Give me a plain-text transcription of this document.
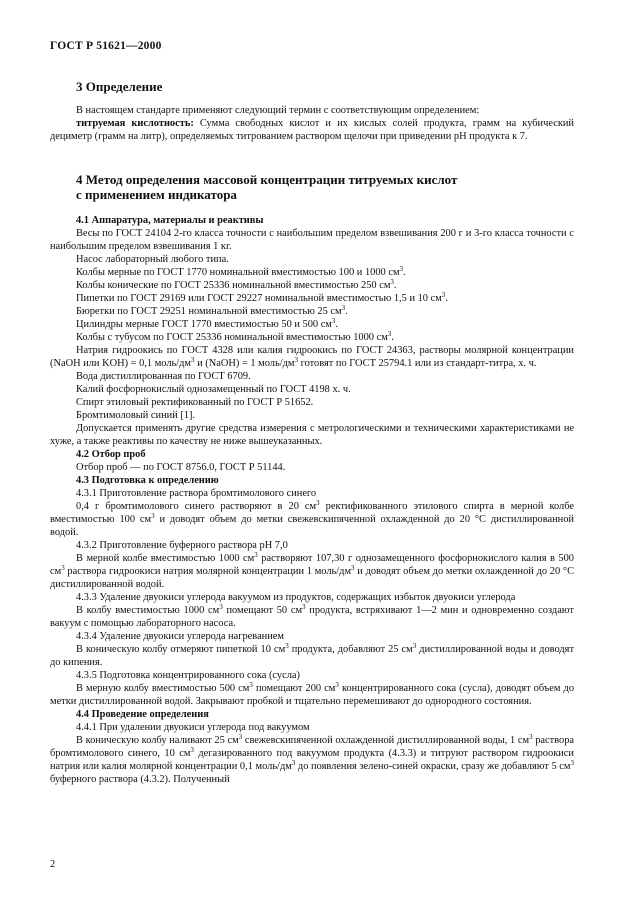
ГОСТ Р 51621—2000
3 Определение

В настоящем стандарте применяют следующий термин с соответствующим определением:

титруемая кислотность: Сумма свободных кислот и их кислых солей продукта, грамм на кубический дециметр (грамм на литр), определяемых титрованием раствором щелочи при приведении рН продукта к 7.

4 Метод определения массовой концентрации титруемых кислот
с применением индикатора

4.1 Аппаратура, материалы и реактивы

Весы по ГОСТ 24104 2-го класса точности с наибольшим пределом взвешивания 200 г и 3-го класса точности с наибольшим пределом взвешивания 1 кг.

Насос лабораторный любого типа.

Колбы мерные по ГОСТ 1770 номинальной вместимостью 100 и 1000 $см^3$.

Колбы конические по ГОСТ 25336 номинальной вместимостью 250 $см^3$.

Пипетки по ГОСТ 29169 или ГОСТ 29227 номинальной вместимостью 1,5 и 10 $см^3$.

Бюретки по ГОСТ 29251 номинальной вместимостью 25 $см^3$.

Цилиндры мерные ГОСТ 1770 вместимостью 50 и 500 $см^3$.

Колбы с тубусом по ГОСТ 25336 номинальной вместимостью 1000 $см^3$.

Натрия гидроокись по ГОСТ 4328 или калия гидроокись по ГОСТ 24363, растворы молярной концентрации (NaOH или KOH) = 0,1 моль/$дм^3$ и (NaOH) = 1 моль/$дм^3$ готовят по ГОСТ 25794.1 или из стандарт-титра, х. ч.

Вода дистиллированная по ГОСТ 6709.

Калий фосфорнокислый однозамещенный по ГОСТ 4198 х. ч.

Спирт этиловый ректификованный по ГОСТ Р 51652.

Бромтимоловый синий [1].

Допускается применять другие средства измерения с метрологическими и техническими характеристиками не хуже, а также реактивы по качеству не ниже вышеуказанных.

4.2 Отбор проб

Отбор проб — по ГОСТ 8756.0, ГОСТ Р 51144.

4.3 Подготовка к определению

4.3.1 Приготовление раствора бромтимолового синего

0,4 г бромтимолового синего растворяют в 20 $см^3$ ректификованного этилового спирта в мерной колбе вместимостью 100 $см^3$ и доводят объем до метки свежевскипяченной охлажденной до 20 °С дистиллированной водой.

4.3.2 Приготовление буферного раствора рН 7,0

В мерной колбе вместимостью 1000 $см^3$ растворяют 107,30 г однозамещенного фосфорнокислого калия в 500 $см^3$ раствора гидроокиси натрия молярной концентрации 1 моль/$дм^3$ и доводят объем до метки охлажденной до 20 °С дистиллированной водой.

4.3.3 Удаление двуокиси углерода вакуумом из продуктов, содержащих избыток двуокиси углерода

В колбу вместимостью 1000 $см^3$ помещают 50 $см^3$ продукта, встряхивают 1—2 мин и одновременно создают вакуум с помощью лабораторного насоса.

4.3.4 Удаление двуокиси углерода нагреванием

В коническую колбу отмеряют пипеткой 10 $см^3$ продукта, добавляют 25 $см^3$ дистиллированной воды и доводят до кипения.

4.3.5 Подготовка концентрированного сока (сусла)

В мерную колбу вместимостью 500 $см^3$ помещают 200 $см^3$ концентрированного сока (сусла), доводят объем до метки дистиллированной водой. Закрывают пробкой и тщательно перемешивают до однородного состояния.

4.4 Проведение определения

4.4.1 При удалении двуокиси углерода под вакуумом

В коническую колбу наливают 25 $см^3$ свежевскипяченной охлажденной дистиллированной воды, 1 $см^3$ раствора бромтимолового синего, 10 $см^3$ дегазированного под вакуумом продукта (4.3.3) и титруют раствором гидроокиси натрия или калия молярной концентрации 0,1 моль/$дм^3$ до появления зелено-синей окраски, сразу же добавляют 5 $см^3$ буферного раствора (4.3.2). Полученный

2
